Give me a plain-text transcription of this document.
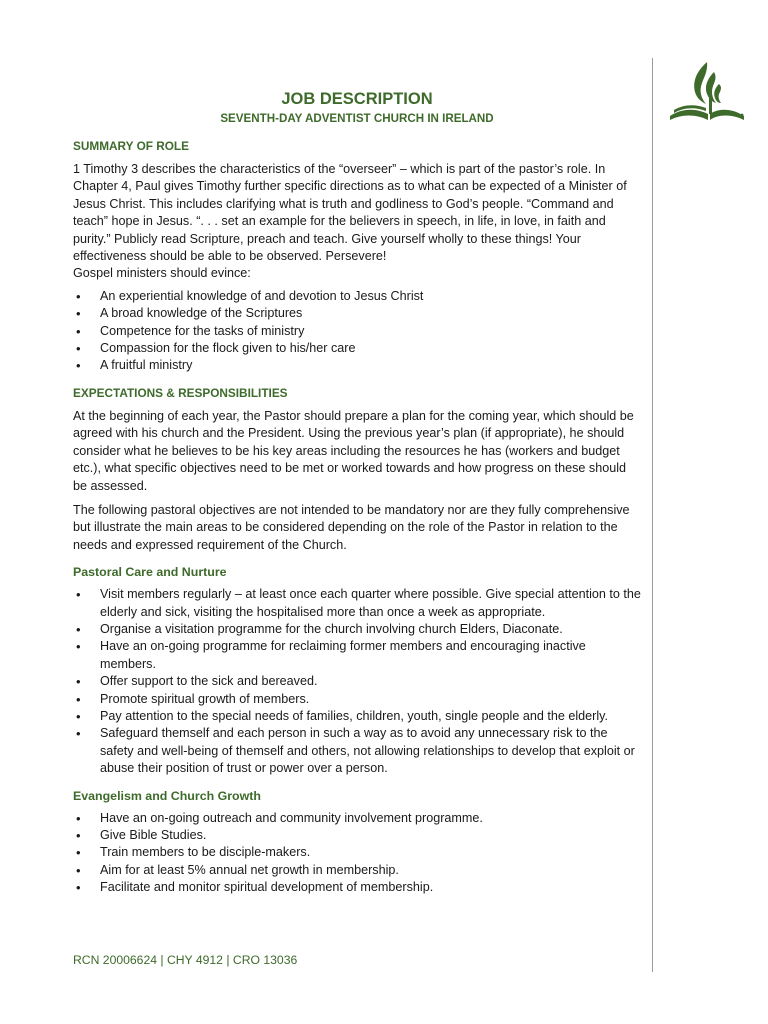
JOB DESCRIPTION
SEVENTH-DAY ADVENTIST CHURCH IN IRELAND
SUMMARY OF ROLE

1 Timothy 3 describes the characteristics of the “overseer” – which is part of the pastor’s role. In Chapter 4, Paul gives Timothy further specific directions as to what can be expected of a Minister of Jesus Christ. This includes clarifying what is truth and godliness to God’s people. “Command and teach” hope in Jesus. “. . . set an example for the believers in speech, in life, in love, in faith and purity.” Publicly read Scripture, preach and teach. Give yourself wholly to these things! Your effectiveness should be able to be observed. Persevere!

Gospel ministers should evince:

• An experiential knowledge of and devotion to Jesus Christ
• A broad knowledge of the Scriptures
• Competence for the tasks of ministry
• Compassion for the flock given to his/her care
• A fruitful ministry
EXPECTATIONS & RESPONSIBILITIES

At the beginning of each year, the Pastor should prepare a plan for the coming year, which should be agreed with his church and the President. Using the previous year’s plan (if appropriate), he should consider what he believes to be his key areas including the resources he has (workers and budget etc.), what specific objectives need to be met or worked towards and how progress on these should be assessed.

The following pastoral objectives are not intended to be mandatory nor are they fully comprehensive but illustrate the main areas to be considered depending on the role of the Pastor in relation to the needs and expressed requirement of the Church.

Pastoral Care and Nurture
• Visit members regularly – at least once each quarter where possible. Give special attention to the elderly and sick, visiting the hospitalised more than once a week as appropriate.
• Organise a visitation programme for the church involving church Elders, Diaconate.
• Have an on-going programme for reclaiming former members and encouraging inactive members.
• Offer support to the sick and bereaved.
• Promote spiritual growth of members.
• Pay attention to the special needs of families, children, youth, single people and the elderly.
• Safeguard themself and each person in such a way as to avoid any unnecessary risk to the safety and well-being of themself and others, not allowing relationships to develop that exploit or abuse their position of trust or power over a person.
Evangelism and Church Growth
• Have an on-going outreach and community involvement programme.
• Give Bible Studies.
• Train members to be disciple-makers.
• Aim for at least 5% annual net growth in membership.
• Facilitate and monitor spiritual development of membership.
RCN 20006624 | CHY 4912 | CRO 13036
